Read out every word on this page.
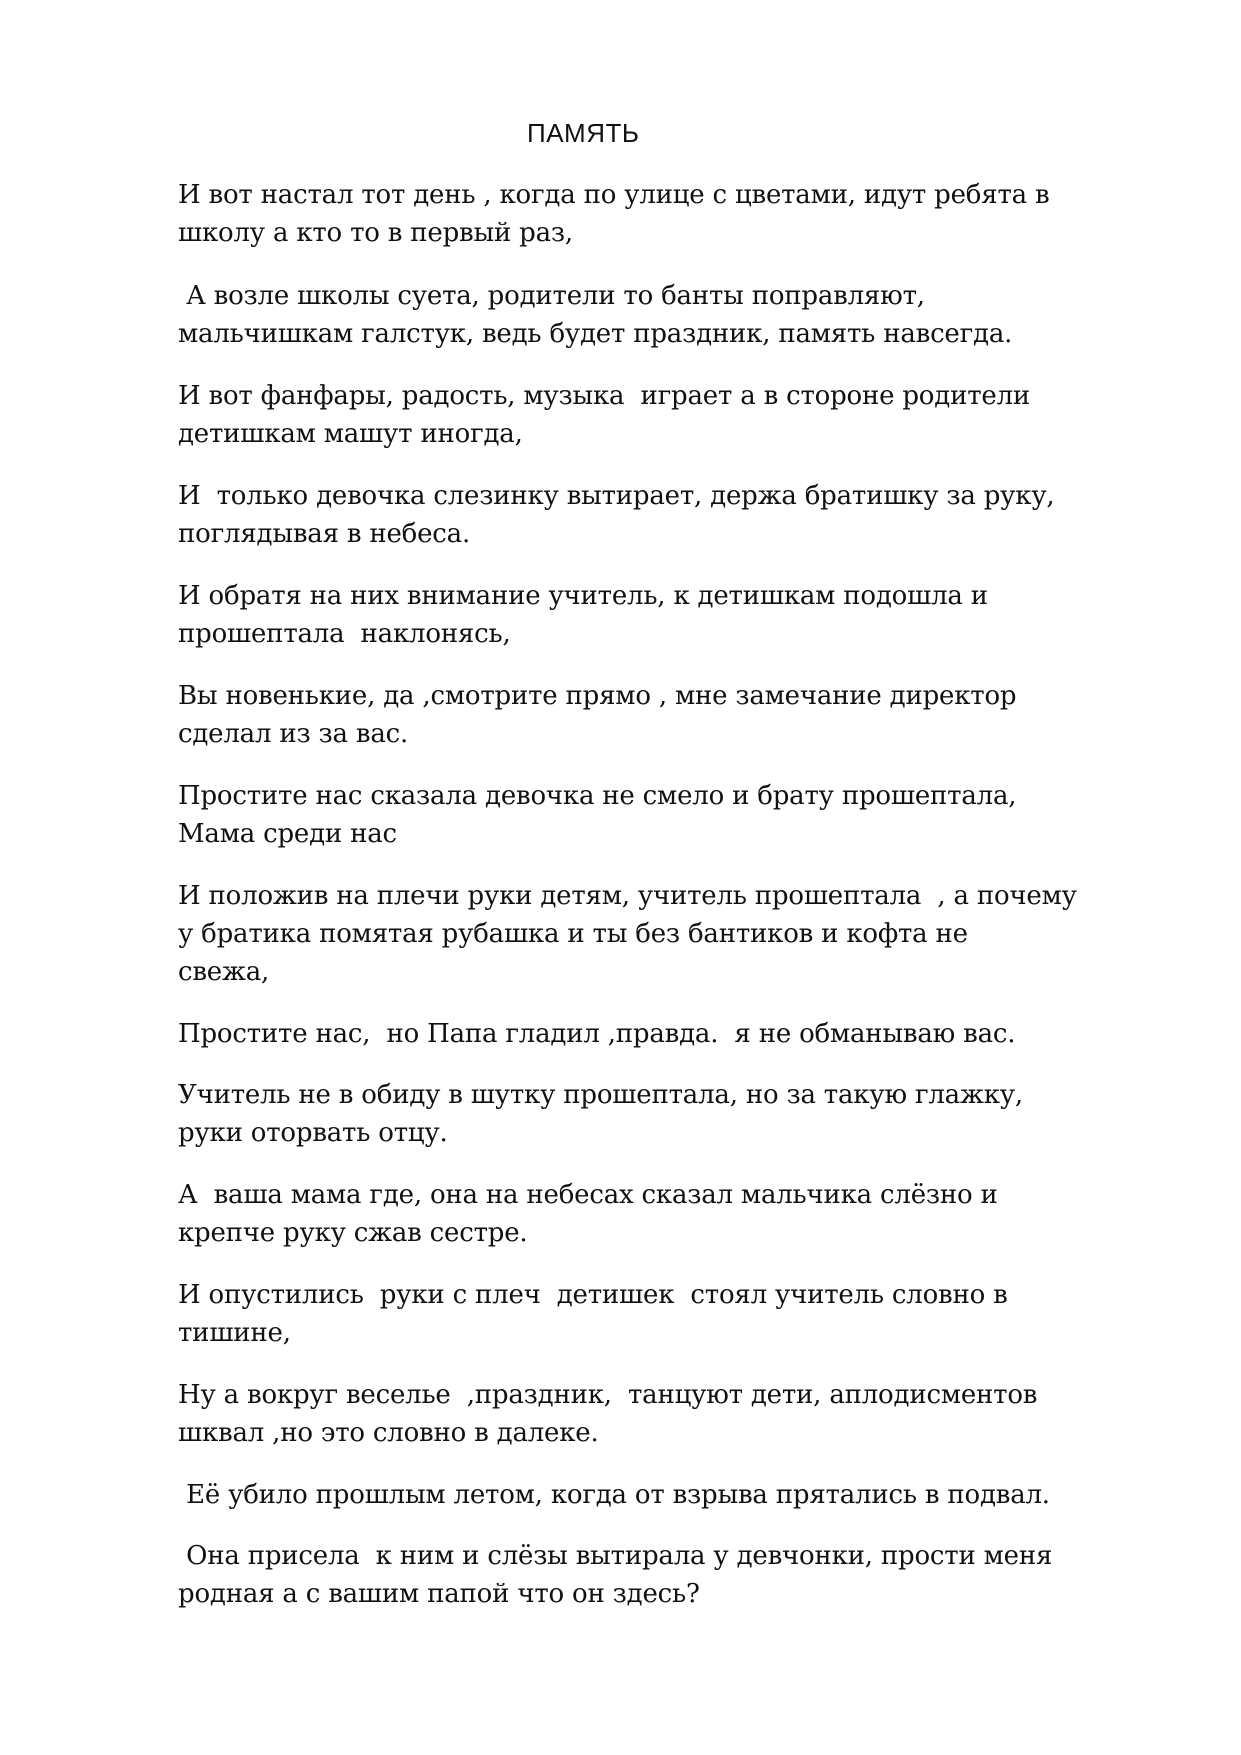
ПАМЯТЬ

И вот настал тот день , когда по улице с цветами, идут ребята в
школу а кто то в первый раз,

А возле школы суета, родители то банты поправляют,
мальчишкам галстук, ведь будет праздник, память навсегда.

И вот фанфары, радость, музыка  играет а в стороне родители
детишкам машут иногда,

И  только девочка слезинку вытирает, держа братишку за руку,
поглядывая в небеса.

И обратя на них внимание учитель, к детишкам подошла и
прошептала  наклонясь,

Вы новенькие, да ,смотрите прямо , мне замечание директор
сделал из за вас.

Простите нас сказала девочка не смело и брату прошептала,
Мама среди нас

И положив на плечи руки детям, учитель прошептала  , а почему
у братика помятая рубашка и ты без бантиков и кофта не
свежа,

Простите нас,  но Папа гладил ,правда.  я не обманываю вас.

Учитель не в обиду в шутку прошептала, но за такую глажку,
руки оторвать отцу.

А  ваша мама где, она на небесах сказал мальчика слёзно и
крепче руку сжав сестре.

И опустились  руки с плеч  детишек  стоял учитель словно в
тишине,

Ну а вокруг веселье  ,праздник,  танцуют дети, аплодисментов
шквал ,но это словно в далеке.

Её убило прошлым летом, когда от взрыва прятались в подвал.

Она присела  к ним и слёзы вытирала у девчонки, прости меня
родная а с вашим папой что он здесь?
